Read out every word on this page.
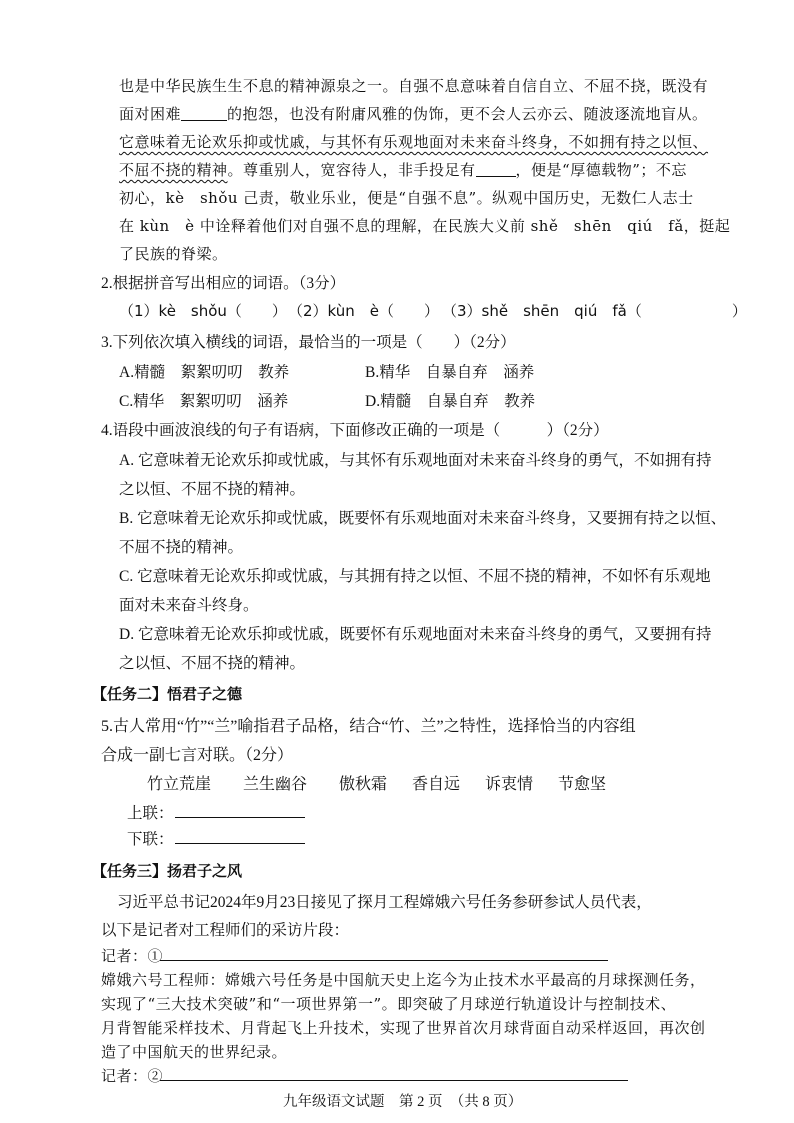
也是中华民族生生不息的精神源泉之一。自强不息意味着自信自立、不屈不挠，既没有
面对困难	的抱怨，也没有附庸风雅的伪饰，更不会人云亦云、随波逐流地盲从。
它意味着无论欢乐抑或忧戚，与其怀有乐观地面对未来奋斗终身，不如拥有持之以恒、
不屈不挠的精神。尊重别人，宽容待人，非手投足有	，便是“厚德载物”；不忘
初心，kè　shǒu 己责，敬业乐业，便是“自强不息”。纵观中国历史，无数仁人志士
在 kùn　è 中诠释着他们对自强不息的理解，在民族大义前 shě　shēn　qiú　fǎ，挺起
了民族的脊梁。
2.根据拼音写出相应的词语。（3分）
（1）kè　shǒu（　　） （2）kùn　è（　　） （3）shě　shēn　qiú　fǎ（　　　　　　）
3.下列依次填入横线的词语，最恰当的一项是（　　）（2分）
A.精髓　絮絮叨叨　教养	B.精华　自暴自弃　涵养
C.精华　絮絮叨叨　涵养	D.精髓　自暴自弃　教养
4.语段中画波浪线的句子有语病，下面修改正确的一项是（　　　）（2分）
A. 它意味着无论欢乐抑或忧戚，与其怀有乐观地面对未来奋斗终身的勇气，不如拥有持
之以恒、不屈不挠的精神。
B. 它意味着无论欢乐抑或忧戚，既要怀有乐观地面对未来奋斗终身，又要拥有持之以恒、
不屈不挠的精神。
C. 它意味着无论欢乐抑或忧戚，与其拥有持之以恒、不屈不挠的精神，不如怀有乐观地
面对未来奋斗终身。
D. 它意味着无论欢乐抑或忧戚，既要怀有乐观地面对未来奋斗终身的勇气，又要拥有持
之以恒、不屈不挠的精神。
【任务二】悟君子之德
5.古人常用“竹”“兰”喻指君子品格，结合“竹、兰”之特性，选择恰当的内容组
合成一副七言对联。（2分）
竹立荒崖 兰生幽谷 傲秋霜 香自远 诉衷情 节愈坚
上联：
下联：
【任务三】扬君子之风
习近平总书记2024年9月23日接见了探月工程嫦娥六号任务参研参试人员代表，
以下是记者对工程师们的采访片段：
记者：①
嫦娥六号工程师：嫦娥六号任务是中国航天史上迄今为止技术水平最高的月球探测任务，
实现了“三大技术突破”和“一项世界第一”。即突破了月球逆行轨道设计与控制技术、
月背智能采样技术、月背起飞上升技术，实现了世界首次月球背面自动采样返回，再次创
造了中国航天的世界纪录。
记者：②
九年级语文试题　第 2 页　（共 8 页）
